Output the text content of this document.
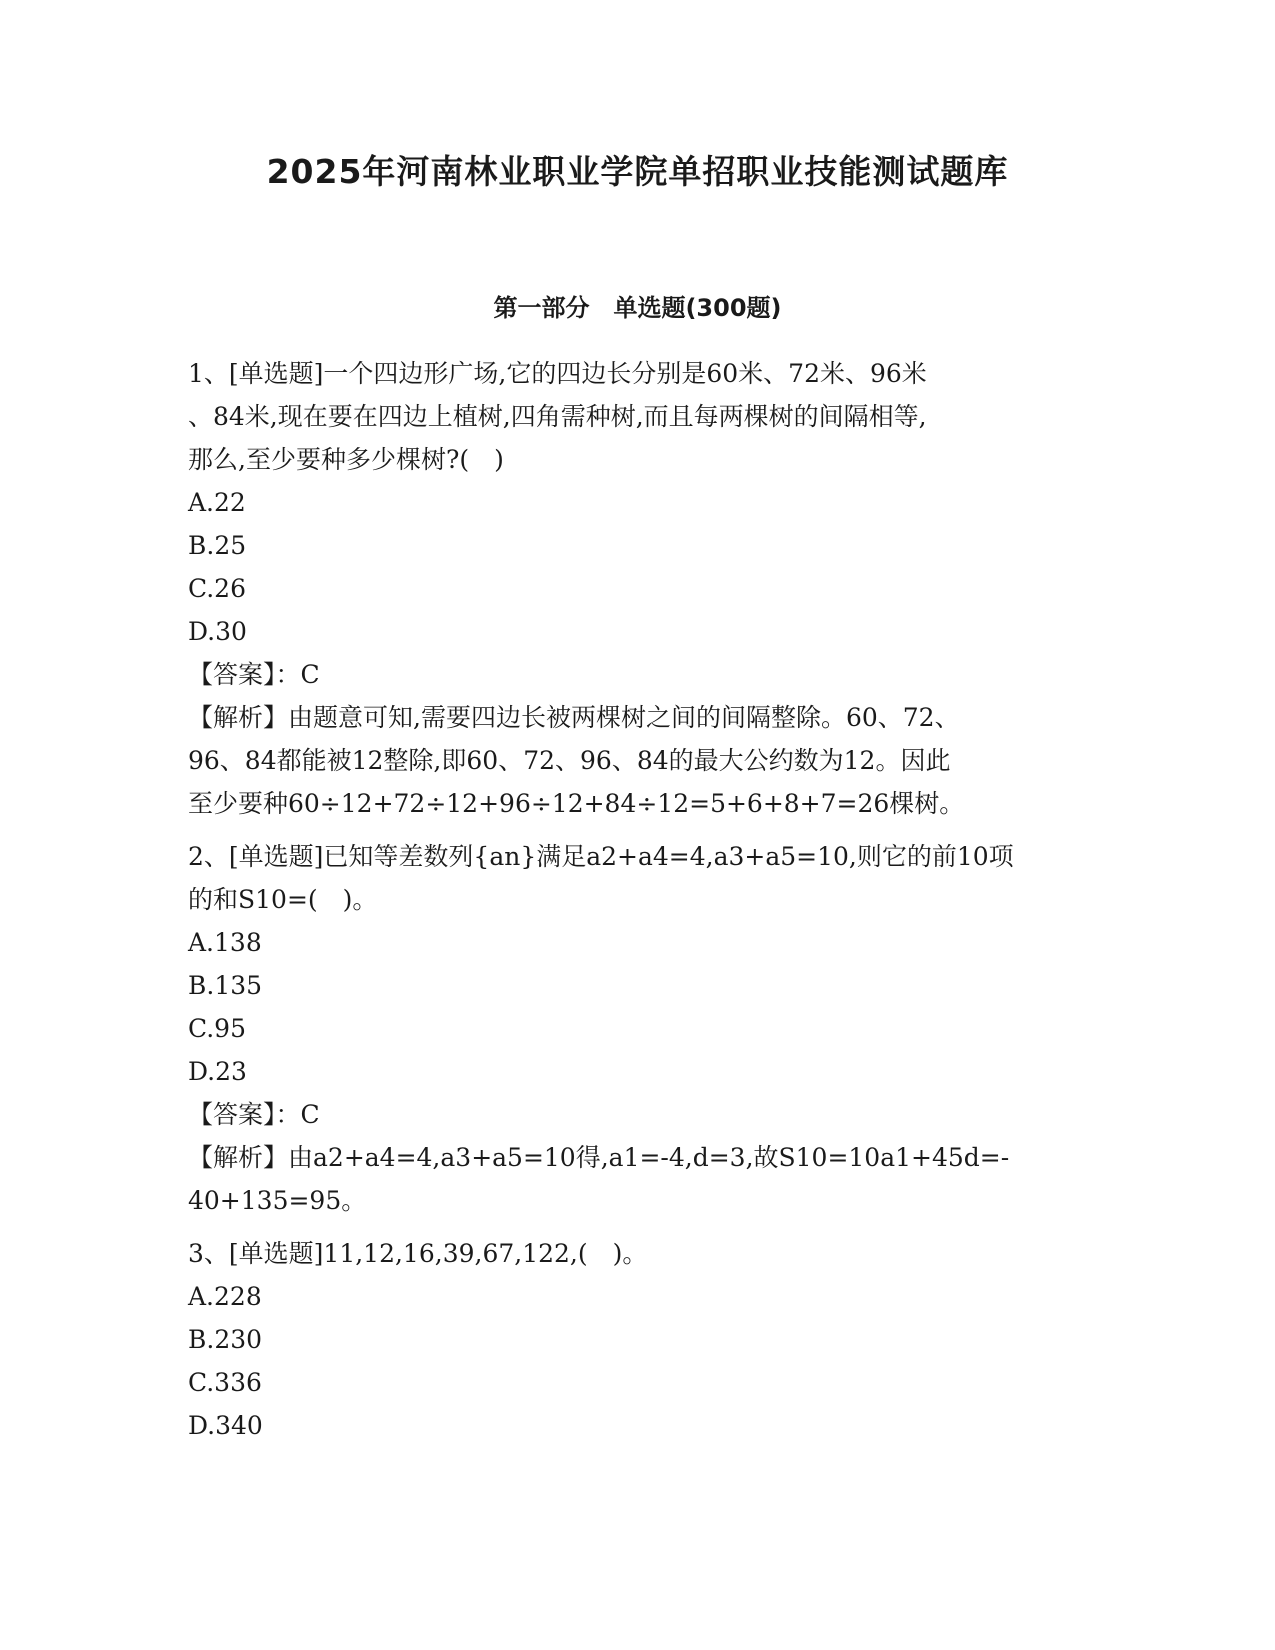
2025年河南林业职业学院单招职业技能测试题库
第一部分　单选题(300题)

1、[单选题]一个四边形广场,它的四边长分别是60米、72米、96米

、84米,现在要在四边上植树,四角需种树,而且每两棵树的间隔相等,

那么,至少要种多少棵树?(　)

A.22

B.25

C.26

D.30

【答案】：C

【解析】由题意可知,需要四边长被两棵树之间的间隔整除。60、72、

96、84都能被12整除,即60、72、96、84的最大公约数为12。因此

至少要种60÷12+72÷12+96÷12+84÷12=5+6+8+7=26棵树。

2、[单选题]已知等差数列{an}满足a2+a4=4,a3+a5=10,则它的前10项

的和S10=(　)。

A.138

B.135

C.95

D.23

【答案】：C

【解析】由a2+a4=4,a3+a5=10得,a1=-4,d=3,故S10=10a1+45d=-

40+135=95。

3、[单选题]11,12,16,39,67,122,(　)。

A.228

B.230

C.336

D.340
